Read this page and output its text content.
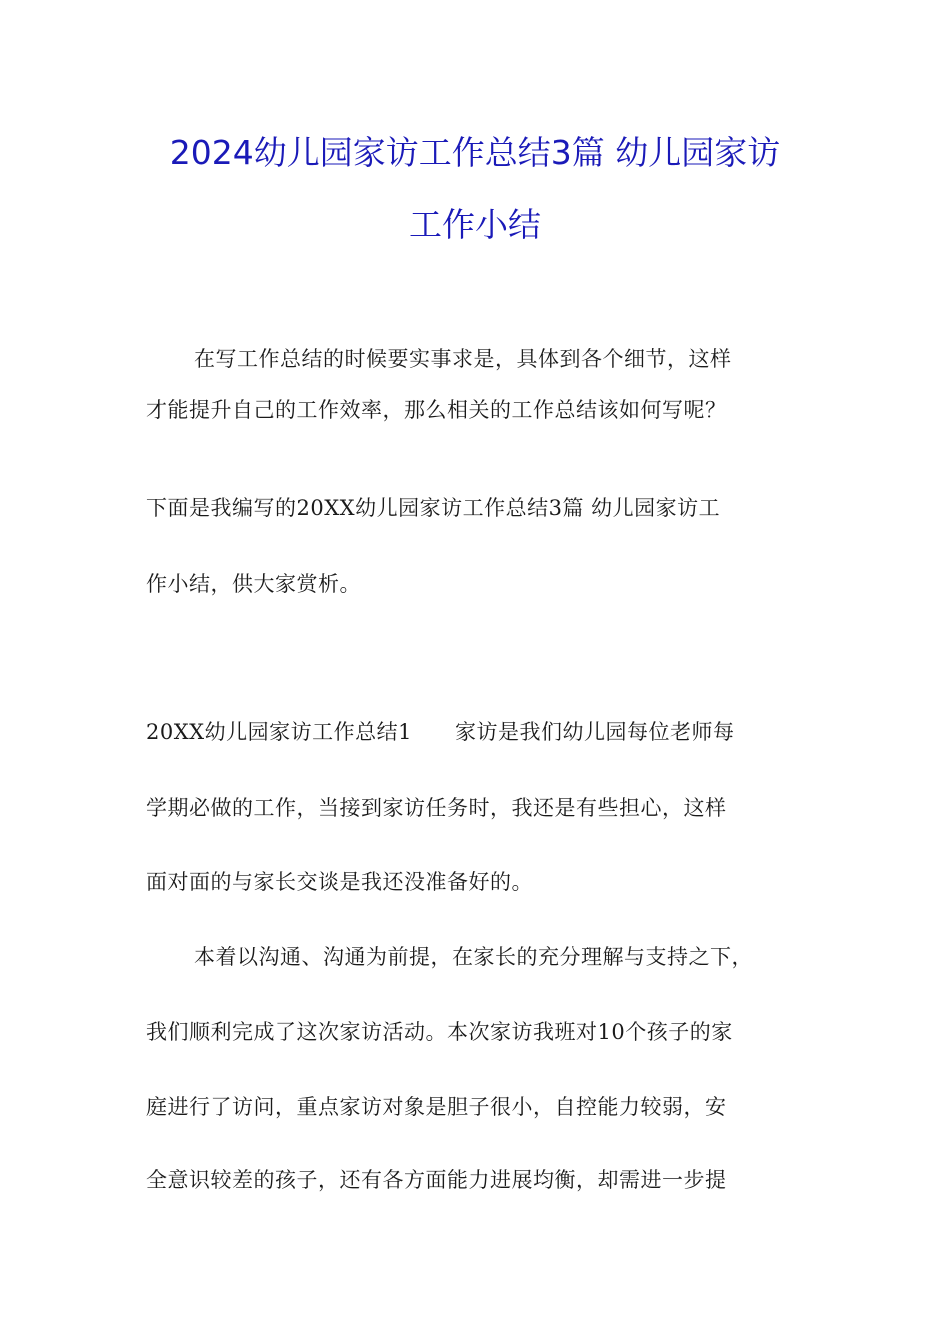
2024幼儿园家访工作总结3篇 幼儿园家访
工作小结
在写工作总结的时候要实事求是，具体到各个细节，这样
才能提升自己的工作效率，那么相关的工作总结该如何写呢？
下面是我编写的20XX幼儿园家访工作总结3篇 幼儿园家访工
作小结，供大家赏析。
20XX幼儿园家访工作总结1　　家访是我们幼儿园每位老师每
学期必做的工作，当接到家访任务时，我还是有些担心，这样
面对面的与家长交谈是我还没准备好的。
本着以沟通、沟通为前提，在家长的充分理解与支持之下，
我们顺利完成了这次家访活动。本次家访我班对10个孩子的家
庭进行了访问，重点家访对象是胆子很小，自控能力较弱，安
全意识较差的孩子，还有各方面能力进展均衡，却需进一步提
